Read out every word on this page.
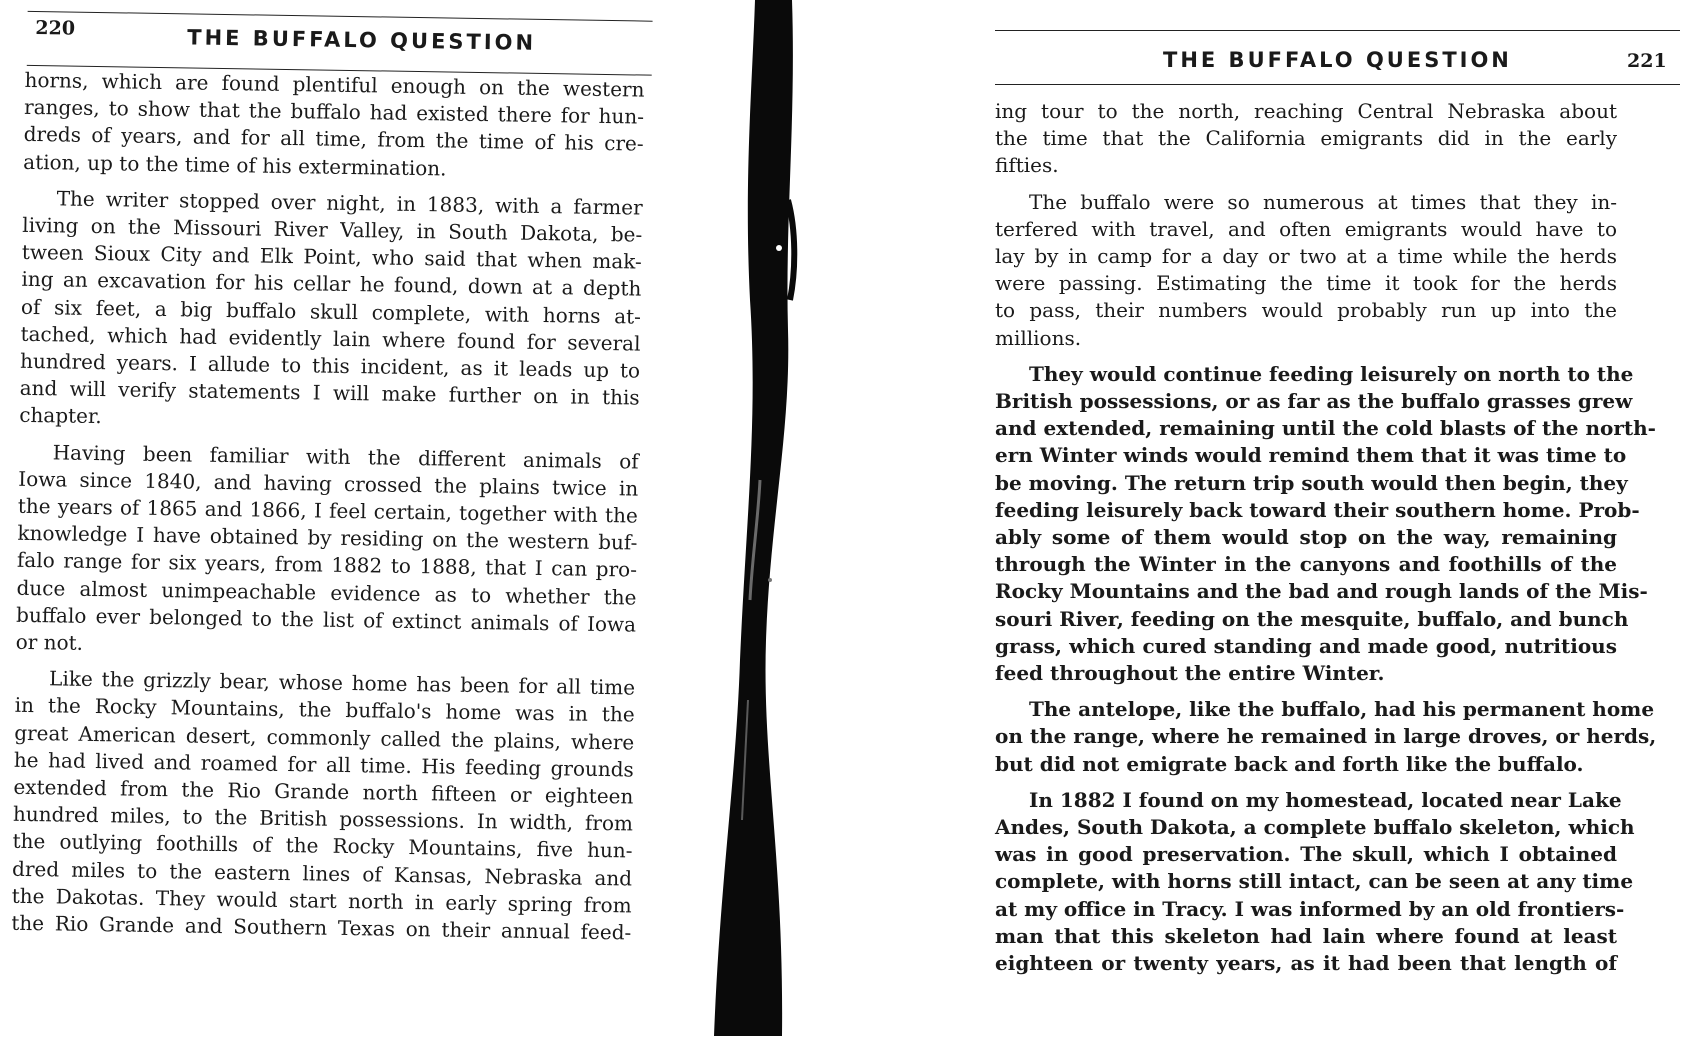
220	THE BUFFALO QUESTION
horns, which are found plentiful enough on the western
ranges, to show that the buffalo had existed there for hun-
dreds of years, and for all time, from the time of his cre-
ation, up to the time of his extermination.
The writer stopped over night, in 1883, with a farmer
living on the Missouri River Valley, in South Dakota, be-
tween Sioux City and Elk Point, who said that when mak-
ing an excavation for his cellar he found, down at a depth
of six feet, a big buffalo skull complete, with horns at-
tached, which had evidently lain where found for several
hundred years. I allude to this incident, as it leads up to
and will verify statements I will make further on in this
chapter.
Having been familiar with the different animals of
Iowa since 1840, and having crossed the plains twice in
the years of 1865 and 1866, I feel certain, together with the
knowledge I have obtained by residing on the western buf-
falo range for six years, from 1882 to 1888, that I can pro-
duce almost unimpeachable evidence as to whether the
buffalo ever belonged to the list of extinct animals of Iowa
or not.
Like the grizzly bear, whose home has been for all time
in the Rocky Mountains, the buffalo's home was in the
great American desert, commonly called the plains, where
he had lived and roamed for all time. His feeding grounds
extended from the Rio Grande north fifteen or eighteen
hundred miles, to the British possessions. In width, from
the outlying foothills of the Rocky Mountains, five hun-
dred miles to the eastern lines of Kansas, Nebraska and
the Dakotas. They would start north in early spring from
the Rio Grande and Southern Texas on their annual feed-
THE BUFFALO QUESTION	221
ing tour to the north, reaching Central Nebraska about
the time that the California emigrants did in the early
fifties.
The buffalo were so numerous at times that they in-
terfered with travel, and often emigrants would have to
lay by in camp for a day or two at a time while the herds
were passing. Estimating the time it took for the herds
to pass, their numbers would probably run up into the
millions.
They would continue feeding leisurely on north to the
British possessions, or as far as the buffalo grasses grew
and extended, remaining until the cold blasts of the north-
ern Winter winds would remind them that it was time to
be moving. The return trip south would then begin, they
feeding leisurely back toward their southern home. Prob-
ably some of them would stop on the way, remaining
through the Winter in the canyons and foothills of the
Rocky Mountains and the bad and rough lands of the Mis-
souri River, feeding on the mesquite, buffalo, and bunch
grass, which cured standing and made good, nutritious
feed throughout the entire Winter.
The antelope, like the buffalo, had his permanent home
on the range, where he remained in large droves, or herds,
but did not emigrate back and forth like the buffalo.
In 1882 I found on my homestead, located near Lake
Andes, South Dakota, a complete buffalo skeleton, which
was in good preservation. The skull, which I obtained
complete, with horns still intact, can be seen at any time
at my office in Tracy. I was informed by an old frontiers-
man that this skeleton had lain where found at least
eighteen or twenty years, as it had been that length of
